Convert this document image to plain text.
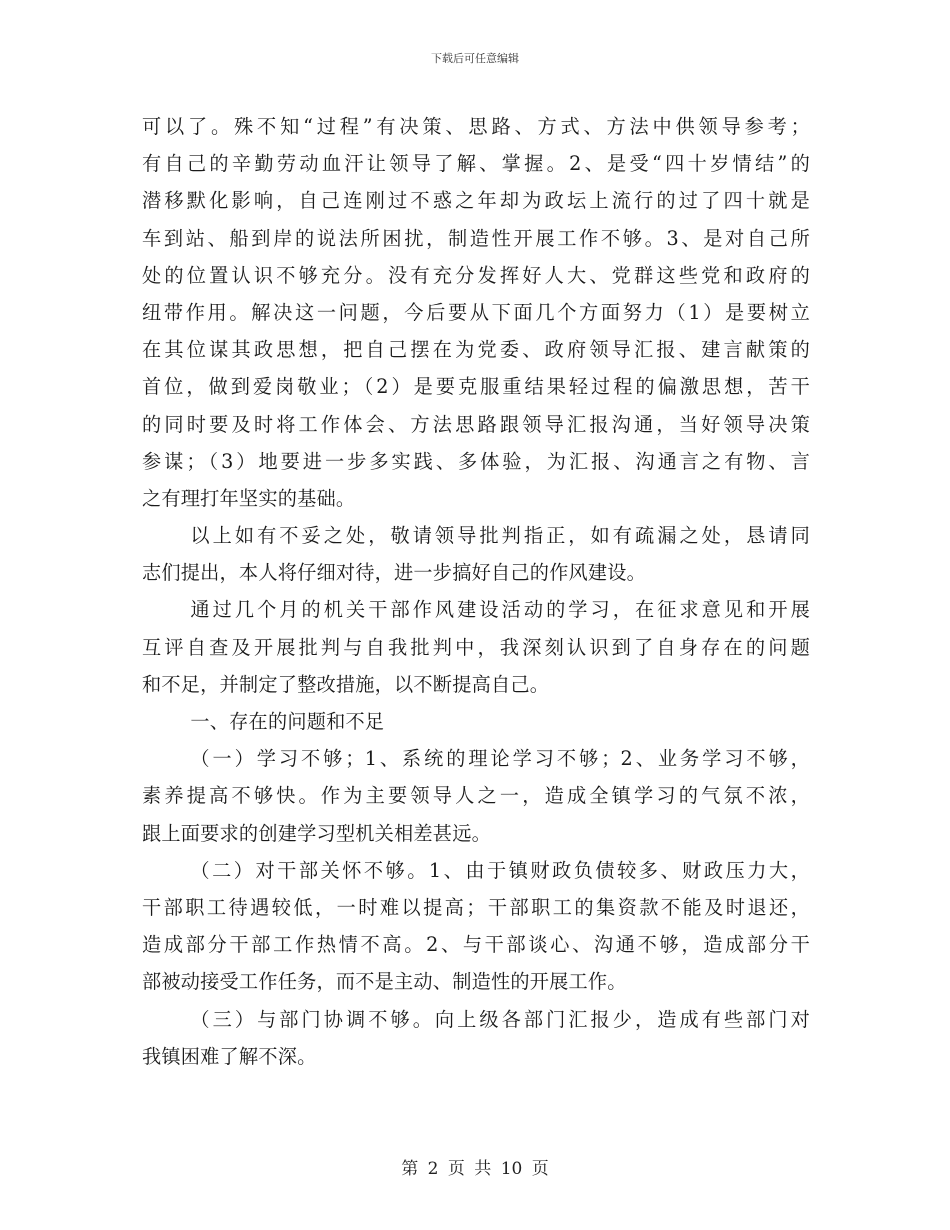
下载后可任意编辑
可以了。殊不知“过程”有决策、思路、方式、方法中供领导参考；
有自己的辛勤劳动血汗让领导了解、掌握。2、是受“四十岁情结”的
潜移默化影响，自己连刚过不惑之年却为政坛上流行的过了四十就是
车到站、船到岸的说法所困扰，制造性开展工作不够。3、是对自己所
处的位置认识不够充分。没有充分发挥好人大、党群这些党和政府的
纽带作用。解决这一问题，今后要从下面几个方面努力（1）是要树立
在其位谋其政思想，把自己摆在为党委、政府领导汇报、建言献策的
首位，做到爱岗敬业；（2）是要克服重结果轻过程的偏激思想，苦干
的同时要及时将工作体会、方法思路跟领导汇报沟通，当好领导决策
参谋；（3）地要进一步多实践、多体验，为汇报、沟通言之有物、言
之有理打年坚实的基础。
以上如有不妥之处，敬请领导批判指正，如有疏漏之处，恳请同
志们提出，本人将仔细对待，进一步搞好自己的作风建设。
通过几个月的机关干部作风建设活动的学习，在征求意见和开展
互评自查及开展批判与自我批判中，我深刻认识到了自身存在的问题
和不足，并制定了整改措施，以不断提高自己。
一、存在的问题和不足
（一）学习不够；1、系统的理论学习不够；2、业务学习不够，
素养提高不够快。作为主要领导人之一，造成全镇学习的气氛不浓，
跟上面要求的创建学习型机关相差甚远。
（二）对干部关怀不够。1、由于镇财政负债较多、财政压力大，
干部职工待遇较低，一时难以提高；干部职工的集资款不能及时退还，
造成部分干部工作热情不高。2、与干部谈心、沟通不够，造成部分干
部被动接受工作任务，而不是主动、制造性的开展工作。
（三）与部门协调不够。向上级各部门汇报少，造成有些部门对
我镇困难了解不深。
第 2 页 共 10 页
